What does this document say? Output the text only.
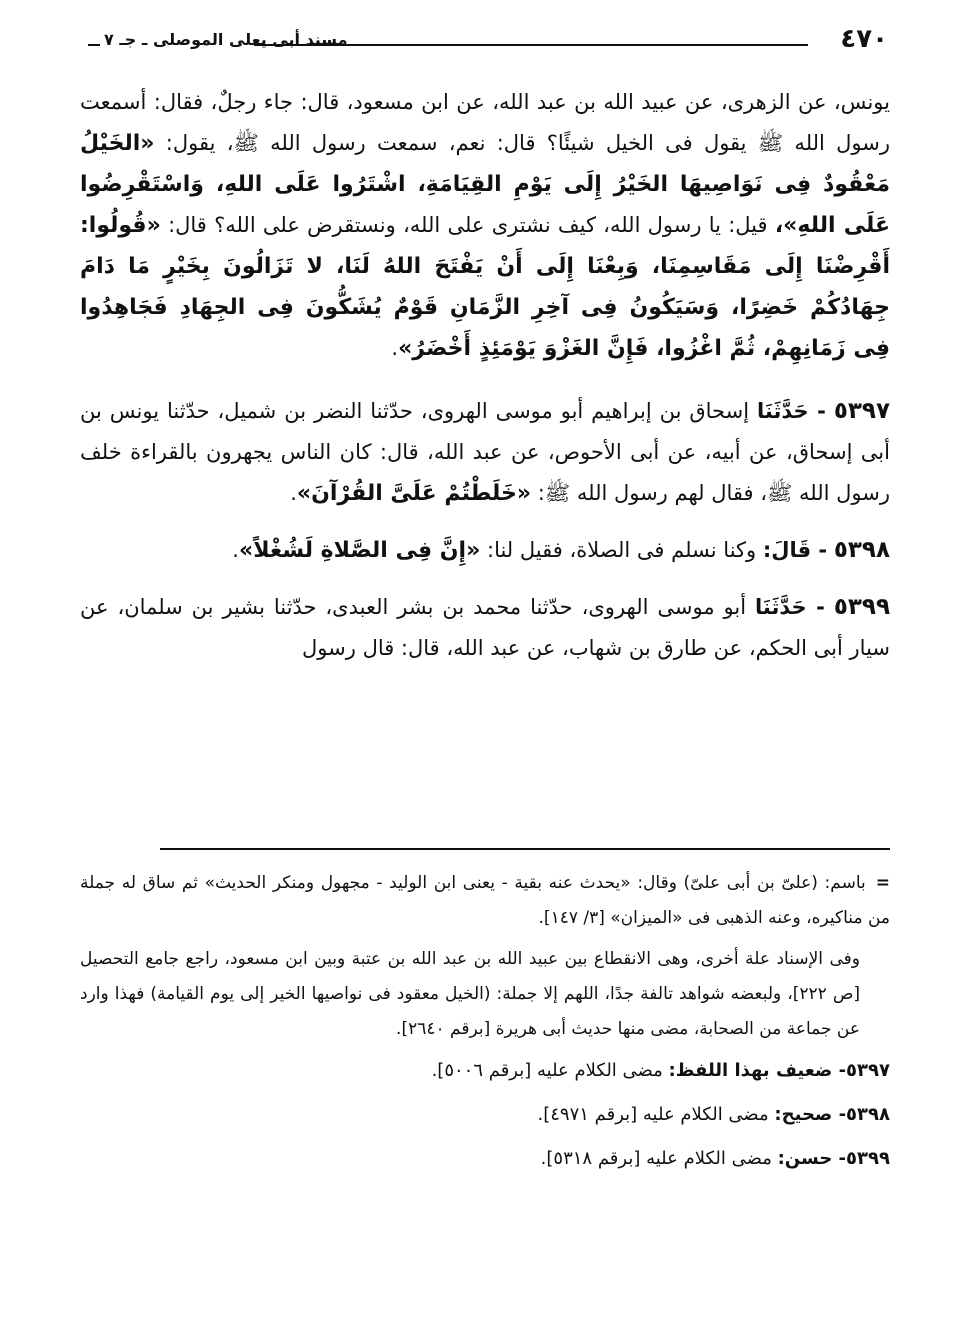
٤٧٠
مسند أبى يعلى الموصلى ـ جـ ٧

يونس، عن الزهرى، عن عبيد الله بن عبد الله، عن ابن مسعود، قال: جاء رجلٌ، فقال: أسمعت رسول الله ﷺ يقول فى الخيل شيئًا؟ قال: نعم، سمعت رسول الله ﷺ، يقول: «الخَيْلُ مَعْقُودٌ فِى نَوَاصِيهَا الخَيْرُ إِلَى يَوْمِ القِيَامَةِ، اشْتَرُوا عَلَى اللهِ، وَاسْتَقْرِضُوا عَلَى اللهِ»، قيل: يا رسول الله، كيف نشترى على الله، ونستقرض على الله؟ قال: «قُولُوا: أَقْرِضْنَا إِلَى مَقَاسِمِنَا، وَبِعْنَا إِلَى أَنْ يَفْتَحَ اللهُ لَنَا، لا تَزَالُونَ بِخَيْرٍ مَا دَامَ جِهَادُكُمْ خَضِرًا، وَسَيَكُونُ فِى آخِرِ الزَّمَانِ قَوْمٌ يُشَكُّونَ فِى الجِهَادِ فَجَاهِدُوا فِى زَمَانِهِمْ، ثُمَّ اغْزُوا، فَإِنَّ الغَزْوَ يَوْمَئِذٍ أَخْضَرُ».

٥٣٩٧ - حَدَّثَنَا إسحاق بن إبراهيم أبو موسى الهروى، حدّثنا النضر بن شميل، حدّثنا يونس بن أبى إسحاق، عن أبيه، عن أبى الأحوص، عن عبد الله، قال: كان الناس يجهرون بالقراءة خلف رسول الله ﷺ، فقال لهم رسول الله ﷺ: «خَلَطْتُمْ عَلَىَّ القُرْآنَ».

٥٣٩٨ - قَالَ: وكنا نسلم فى الصلاة، فقيل لنا: «إِنَّ فِى الصَّلاةِ لَشُغْلاً».

٥٣٩٩ - حَدَّثَنَا أبو موسى الهروى، حدّثنا محمد بن بشر العبدى، حدّثنا بشير بن سلمان، عن سيار أبى الحكم، عن طارق بن شهاب، عن عبد الله، قال: قال رسول

=باسم: (علىّ بن أبى علىّ) وقال: «يحدث عنه بقية - يعنى ابن الوليد - مجهول ومنكر الحديث» ثم ساق له جملة من مناكيره، وعنه الذهبى فى «الميزان» [٣/ ١٤٧].

وفى الإسناد علة أخرى، وهى الانقطاع بين عبيد الله بن عبد الله بن عتبة وبين ابن مسعود، راجع جامع التحصيل [ص ٢٢٢]، ولبعضه شواهد تالفة جدًا، اللهم إلا جملة: (الخيل معقود فى نواصيها الخير إلى يوم القيامة) فهذا وارد عن جماعة من الصحابة، مضى منها حديث أبى هريرة [برقم ٢٦٤٠].

٥٣٩٧- ضعيف بهذا اللفظ: مضى الكلام عليه [برقم ٥٠٠٦].

٥٣٩٨- صحيح: مضى الكلام عليه [برقم ٤٩٧١].

٥٣٩٩- حسن: مضى الكلام عليه [برقم ٥٣١٨].
